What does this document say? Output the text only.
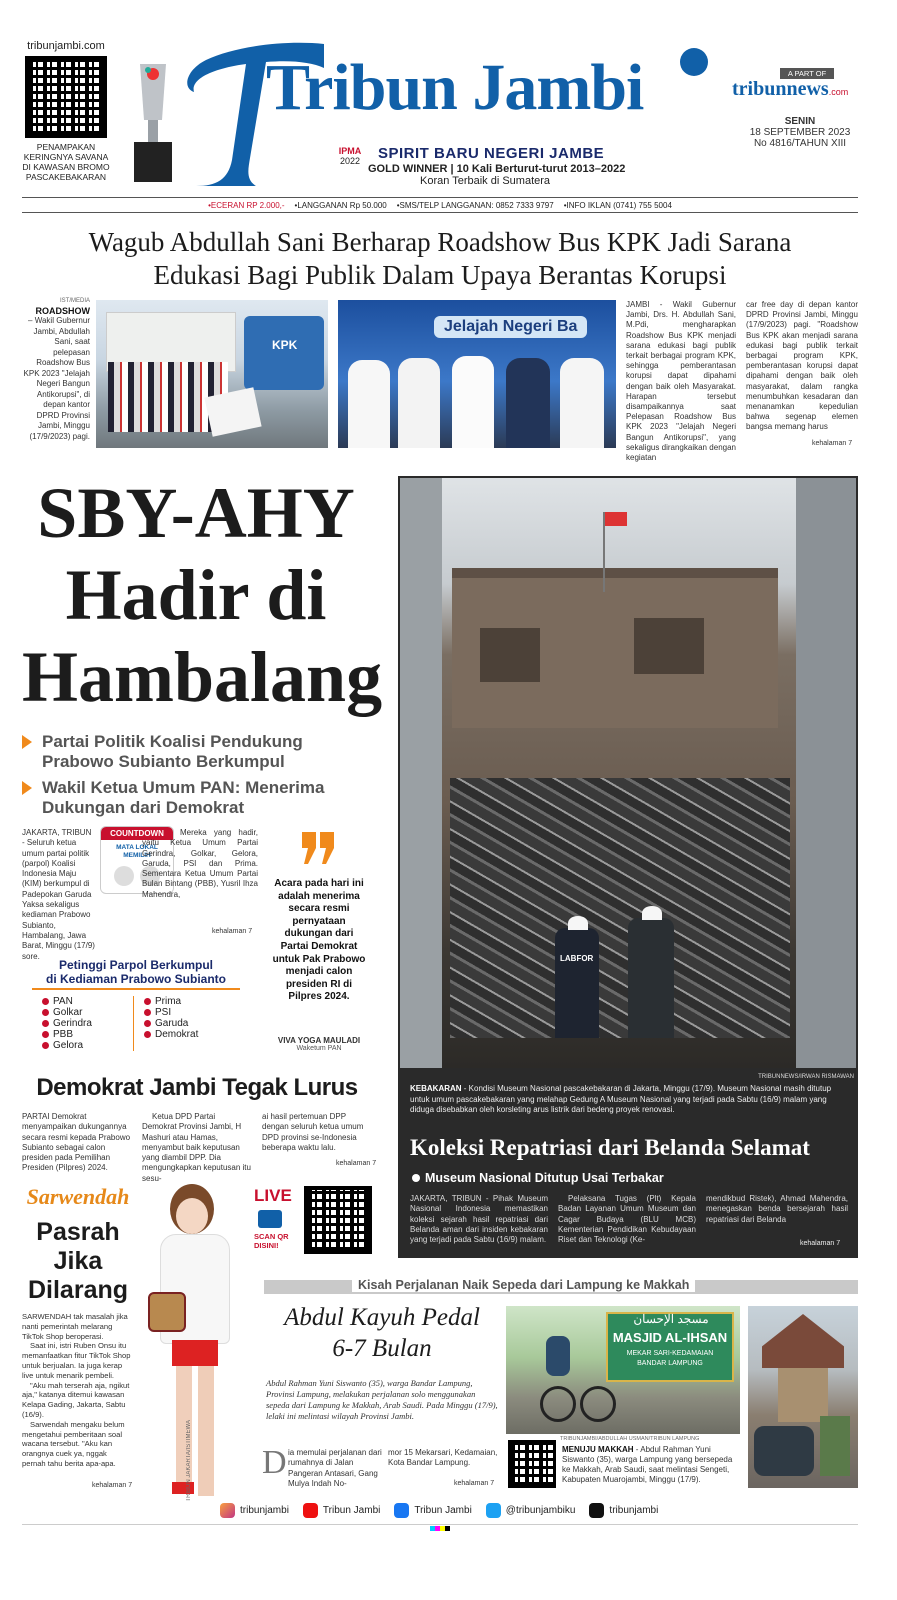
tribunjambi.com
PENAMPAKAN KERINGNYA SAVANA DI KAWASAN BROMO PASCAKEBAKARAN
Tribun Jambi
IPMA
2022	SPIRIT BARU NEGERI JAMBE
GOLD WINNER | 10 Kali Berturut-turut 2013–2022
Koran Terbaik di Sumatera
A PART OF
tribunnews.com
SENIN
18 SEPTEMBER 2023
No 4816/TAHUN XIII
•ECERAN RP 2.000,- •LANGGANAN Rp 50.000 •SMS/TELP LANGGANAN: 0852 7333 9797 •INFO IKLAN (0741) 755 5004
Wagub Abdullah Sani Berharap Roadshow Bus KPK Jadi Sarana
Edukasi Bagi Publik Dalam Upaya Berantas Korupsi
IST/MEDIA
ROADSHOW
– Wakil Gubernur Jambi, Abdullah Sani, saat pelepasan Roadshow Bus KPK 2023 "Jelajah Negeri Bangun Antikorupsi", di depan kantor DPRD Provinsi Jambi, Minggu (17/9/2023) pagi.
KPK
Jelajah Negeri Ba
JAMBI - Wakil Gubernur Jambi, Drs. H. Abdullah Sani, M.Pdi, mengharapkan Roadshow Bus KPK menjadi sarana edukasi bagi publik terkait berbagai program KPK, sehingga pemberantasan korupsi dapat dipahami dengan baik oleh Masyarakat. Harapan tersebut disampaikannya saat Pelepasan Roadshow Bus KPK 2023 "Jelajah Negeri Bangun Antikorupsi", yang sekaligus dirangkaikan dengan kegiatan
car free day di depan kantor DPRD Provinsi Jambi, Minggu (17/9/2023) pagi. "Roadshow Bus KPK akan menjadi sarana edukasi bagi publik terkait berbagai program KPK, pemberantasan korupsi dapat dipahami dengan baik oleh masyarakat, dalam rangka menumbuhkan kesadaran dan menanamkan kepedulian bahwa segenap elemen bangsa memang harus
kehalaman 7
SBY-AHY
Hadir di
Hambalang
Partai Politik Koalisi Pendukung
Prabowo Subianto Berkumpul
Wakil Ketua Umum PAN: Menerima
Dukungan dari Demokrat
JAKARTA, TRIBUN - Seluruh ketua umum partai politik (parpol) Koalisi Indonesia Maju (KIM) berkumpul di Padepokan Garuda Yaksa sekaligus kediaman Prabowo Subianto, Hambalang, Jawa Barat, Minggu (17/9) sore.
COUNTDOWN
MATA LOKAL MEMILIH
Mereka yang hadir, yaitu Ketua Umum Partai Gerindra, Golkar, Gelora, Garuda, PSI dan Prima. Sementara Ketua Umum Partai Bulan Bintang (PBB), Yusril Ihza Mahendra,
kehalaman 7
Acara pada hari ini adalah menerima secara resmi pernyataan dukungan dari Partai Demokrat untuk Pak Prabowo menjadi calon presiden RI di Pilpres 2024.
VIVA YOGA MAULADI
Waketum PAN
Petinggi Parpol Berkumpul
di Kediaman Prabowo Subianto
PAN
Golkar
Gerindra
PBB
Gelora
Prima
PSI
Garuda
Demokrat
Demokrat Jambi Tegak Lurus
PARTAI Demokrat menyampaikan dukungannya secara resmi kepada Prabowo Subianto sebagai calon presiden pada Pemilihan Presiden (Pilpres) 2024.
Ketua DPD Partai Demokrat Provinsi Jambi, H Mashuri atau Hamas, menyambut baik keputusan yang diambil DPP. Dia mengungkapkan keputusan itu sesu-
ai hasil pertemuan DPP dengan seluruh ketua umum DPD provinsi se-Indonesia beberapa waktu lalu.
kehalaman 7
LABFOR
TRIBUNNEWS/IRWAN RISMAWAN
KEBAKARAN - Kondisi Museum Nasional pascakebakaran di Jakarta, Minggu (17/9). Museum Nasional masih ditutup untuk umum pascakebakaran yang melahap Gedung A Museum Nasional yang terjadi pada Sabtu (16/9) malam yang diduga disebabkan oleh korsleting arus listrik dari bedeng proyek renovasi.
Koleksi Repatriasi dari Belanda Selamat
Museum Nasional Ditutup Usai Terbakar
JAKARTA, TRIBUN - Pihak Museum Nasional Indonesia memastikan koleksi sejarah hasil repatriasi dari Belanda aman dari insiden kebakaran yang terjadi pada Sabtu (16/9) malam.
Pelaksana Tugas (Plt) Kepala Badan Layanan Umum Museum dan Cagar Budaya (BLU MCB) Kementerian Pendidikan Kebudayaan Riset dan Teknologi (Ke-
mendikbud Ristek), Ahmad Mahendra, menegaskan benda bersejarah hasil repatriasi dari Belanda
kehalaman 7
Sarwendah
Pasrah
Jika
Dilarang
SARWENDAH tak masalah jika nanti pemerintah melarang TikTok Shop beroperasi.
Saat ini, istri Ruben Onsu itu memanfaatkan fitur TikTok Shop untuk berjualan. Ia juga kerap live untuk menarik pembeli.
"Aku mah terserah aja, ngikut aja," katanya ditemui kawasan Kelapa Gading, Jakarta, Sabtu (16/9).
Sarwendah mengaku belum mengetahui pemberitaan soal wacana tersebut. "Aku kan orangnya cuek ya, nggak pernah tahu berita apa-apa.
kehalaman 7	TRIBUN JAKARTA/ISTIMEWA
LIVE
SCAN QR DISINI!
Kisah Perjalanan Naik Sepeda dari Lampung ke Makkah
Abdul Kayuh Pedal
6-7 Bulan
Abdul Rahman Yuni Siswanto (35), warga Bandar Lampung, Provinsi Lampung, melakukan perjalanan solo menggunakan sepeda dari Lampung ke Makkah, Arab Saudi. Pada Minggu (17/9), lelaki ini melintasi wilayah Provinsi Jambi.
D ia memulai perjalanan dari rumahnya di Jalan Pangeran Antasari, Gang Mulya Indah No-
mor 15 Mekarsari, Kedamaian, Kota Bandar Lampung.
kehalaman 7
مسجد الإحسان
MASJID AL-IHSAN
MEKAR SARI-KEDAMAIAN
BANDAR LAMPUNG
TRIBUNJAMBI/ABDULLAH USMAN/TRIBUN LAMPUNG
MENUJU MAKKAH - Abdul Rahman Yuni Siswanto (35), warga Lampung yang bersepeda ke Makkah, Arab Saudi, saat melintasi Sengeti, Kabupaten Muarojambi, Minggu (17/9).
tribunjambi	Tribun Jambi	Tribun Jambi	@tribunjambiku	tribunjambi
